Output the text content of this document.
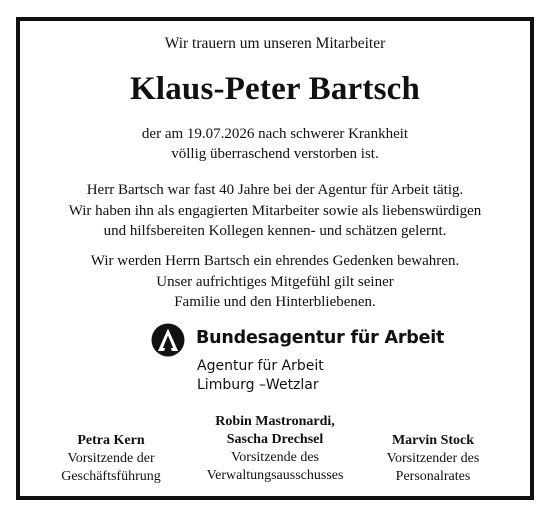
Wir trauern um unseren Mitarbeiter
Klaus-Peter Bartsch
der am 19.07.2026 nach schwerer Krankheit
völlig überraschend verstorben ist.
Herr Bartsch war fast 40 Jahre bei der Agentur für Arbeit tätig.
Wir haben ihn als engagierten Mitarbeiter sowie als liebenswürdigen
und hilfsbereiten Kollegen kennen- und schätzen gelernt.
Wir werden Herrn Bartsch ein ehrendes Gedenken bewahren.
Unser aufrichtiges Mitgefühl gilt seiner
Familie und den Hinterbliebenen.
Bundesagentur für Arbeit
Agentur für Arbeit
Limburg –Wetzlar
Petra Kern
Vorsitzende der
Geschäftsführung
Robin Mastronardi,
Sascha Drechsel
Vorsitzende des
Verwaltungsausschusses
Marvin Stock
Vorsitzender des
Personalrates
